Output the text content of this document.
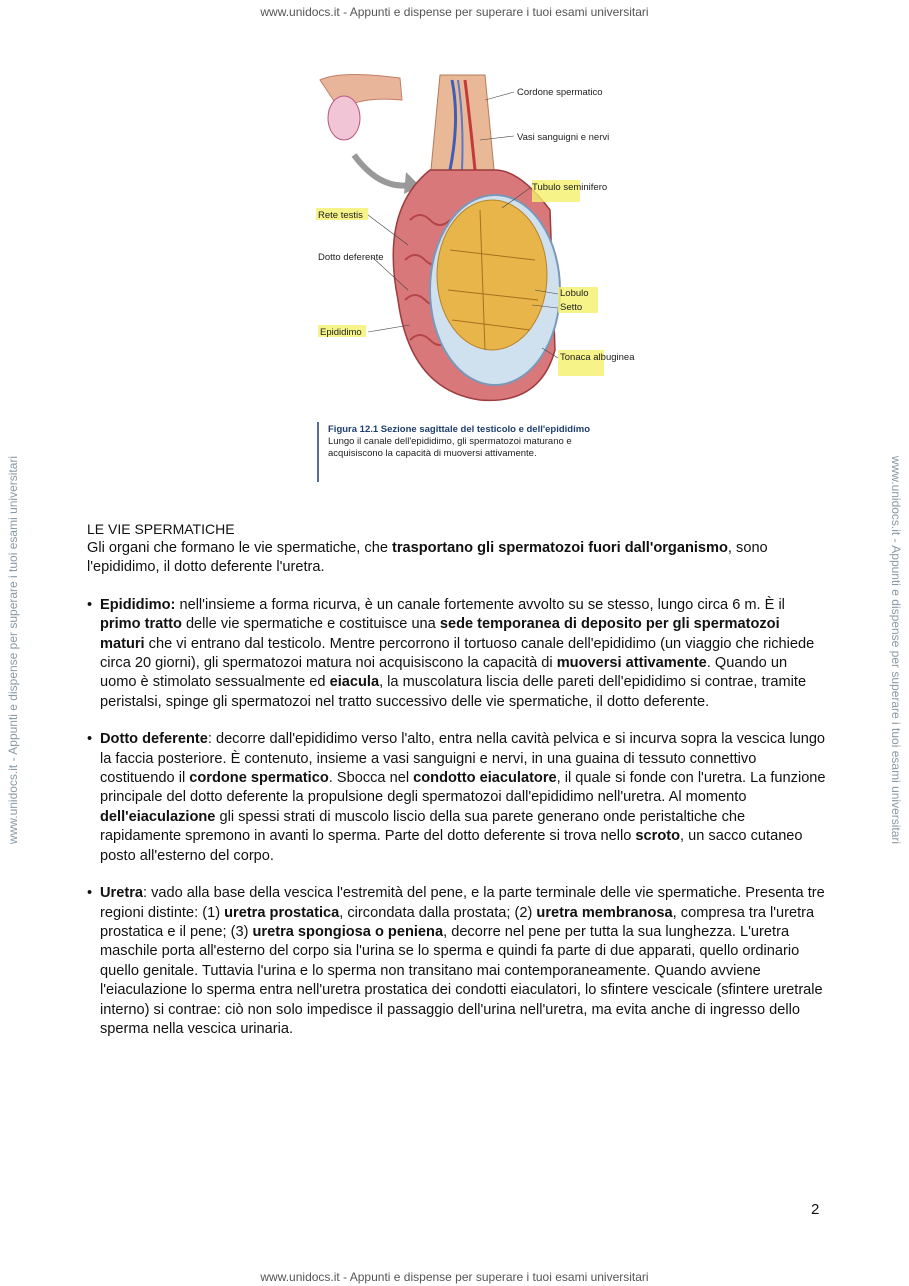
www.unidocs.it - Appunti e dispense per superare i tuoi esami universitari
www.unidocs.it - Appunti e dispense per superare i tuoi esami universitari	www.unidocs.it - Appunti e dispense per superare i tuoi esami universitari
Cordone spermatico
Vasi sanguigni e nervi
Tubulo seminifero
Rete testis
Dotto deferente
Lobulo
Setto
Epididimo
Tonaca albuginea
Figura 12.1 Sezione sagittale del testicolo e dell'epididimo
Lungo il canale dell'epididimo, gli spermatozoi maturano e acquisiscono la capacità di muoversi attivamente.

LE VIE SPERMATICHE

Gli organi che formano le vie spermatiche, che trasportano gli spermatozoi fuori dall'organismo, sono l'epididimo, il dotto deferente l'uretra.

• Epididimo: nell'insieme a forma ricurva, è un canale fortemente avvolto su se stesso, lungo circa 6 m. È il primo tratto delle vie spermatiche e costituisce una sede temporanea di deposito per gli spermatozoi maturi che vi entrano dal testicolo. Mentre percorrono il tortuoso canale dell'epididimo (un viaggio che richiede circa 20 giorni), gli spermatozoi matura noi acquisiscono la capacità di muoversi attivamente. Quando un uomo è stimolato sessualmente ed eiacula, la muscolatura liscia delle pareti dell'epididimo si contrae, tramite peristalsi, spinge gli spermatozoi nel tratto successivo delle vie spermatiche, il dotto deferente.
• Dotto deferente: decorre dall'epididimo verso l'alto, entra nella cavità pelvica e si incurva sopra la vescica lungo la faccia posteriore. È contenuto, insieme a vasi sanguigni e nervi, in una guaina di tessuto connettivo costituendo il cordone spermatico. Sbocca nel condotto eiaculatore, il quale si fonde con l'uretra. La funzione principale del dotto deferente la propulsione degli spermatozoi dall'epididimo nell'uretra. Al momento dell'eiaculazione gli spessi strati di muscolo liscio della sua parete generano onde peristaltiche che rapidamente spremono in avanti lo sperma. Parte del dotto deferente si trova nello scroto, un sacco cutaneo posto all'esterno del corpo.
• Uretra: vado alla base della vescica l'estremità del pene, e la parte terminale delle vie spermatiche. Presenta tre regioni distinte: (1) uretra prostatica, circondata dalla prostata; (2) uretra membranosa, compresa tra l'uretra prostatica e il pene; (3) uretra spongiosa o peniena, decorre nel pene per tutta la sua lunghezza. L'uretra maschile porta all'esterno del corpo sia l'urina se lo sperma e quindi fa parte di due apparati, quello ordinario quello genitale. Tuttavia l'urina e lo sperma non transitano mai contemporaneamente. Quando avviene l'eiaculazione lo sperma entra nell'uretra prostatica dei condotti eiaculatori, lo sfintere vescicale (sfintere uretrale interno) si contrae: ciò non solo impedisce il passaggio dell'urina nell'uretra, ma evita anche di ingresso dello sperma nella vescica urinaria.
2
www.unidocs.it - Appunti e dispense per superare i tuoi esami universitari
